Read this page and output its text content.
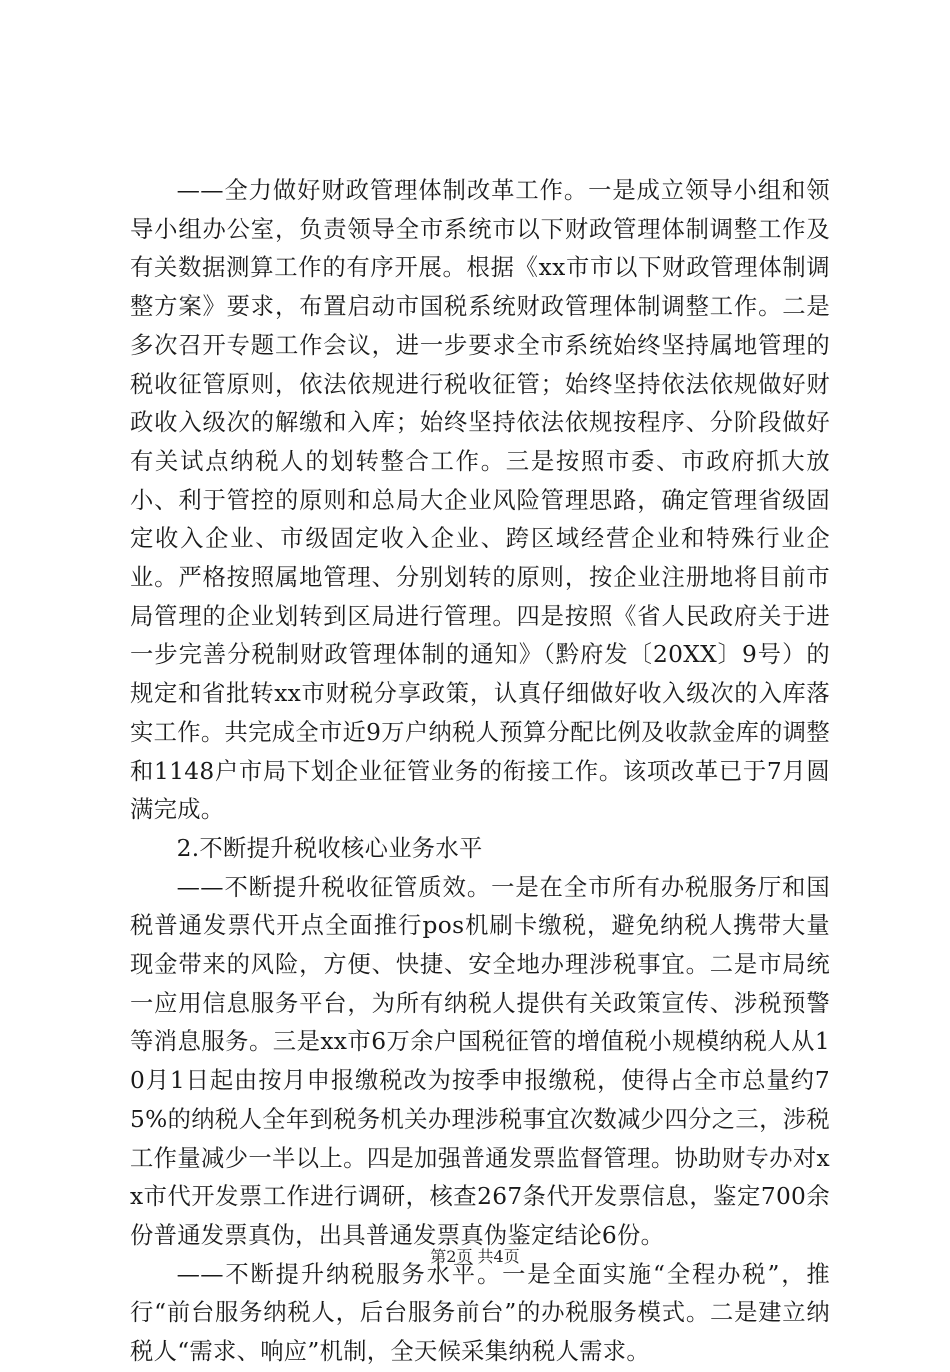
——全力做好财政管理体制改革工作。一是成立领导小组和领导小组办公室，负责领导全市系统市以下财政管理体制调整工作及有关数据测算工作的有序开展。根据《xx市市以下财政管理体制调整方案》要求，布置启动市国税系统财政管理体制调整工作。二是多次召开专题工作会议，进一步要求全市系统始终坚持属地管理的税收征管原则，依法依规进行税收征管；始终坚持依法依规做好财政收入级次的解缴和入库；始终坚持依法依规按程序、分阶段做好有关试点纳税人的划转整合工作。三是按照市委、市政府抓大放小、利于管控的原则和总局大企业风险管理思路，确定管理省级固定收入企业、市级固定收入企业、跨区域经营企业和特殊行业企业。严格按照属地管理、分别划转的原则，按企业注册地将目前市局管理的企业划转到区局进行管理。四是按照《省人民政府关于进一步完善分税制财政管理体制的通知》（黔府发〔20XX〕9号）的规定和省批转xx市财税分享政策，认真仔细做好收入级次的入库落实工作。共完成全市近9万户纳税人预算分配比例及收款金库的调整和1148户市局下划企业征管业务的衔接工作。该项改革已于7月圆满完成。

2.不断提升税收核心业务水平

——不断提升税收征管质效。一是在全市所有办税服务厅和国税普通发票代开点全面推行pos机刷卡缴税，避免纳税人携带大量现金带来的风险，方便、快捷、安全地办理涉税事宜。二是市局统一应用信息服务平台，为所有纳税人提供有关政策宣传、涉税预警等消息服务。三是xx市6万余户国税征管的增值税小规模纳税人从10月1日起由按月申报缴税改为按季申报缴税，使得占全市总量约75%的纳税人全年到税务机关办理涉税事宜次数减少四分之三，涉税工作量减少一半以上。四是加强普通发票监督管理。协助财专办对xx市代开发票工作进行调研，核查267条代开发票信息，鉴定700余份普通发票真伪，出具普通发票真伪鉴定结论6份。

——不断提升纳税服务水平。一是全面实施“全程办税”，推行“前台服务纳税人，后台服务前台”的办税服务模式。二是建立纳税人“需求、响应”机制，全天候采集纳税人需求。

第2页 共4页
